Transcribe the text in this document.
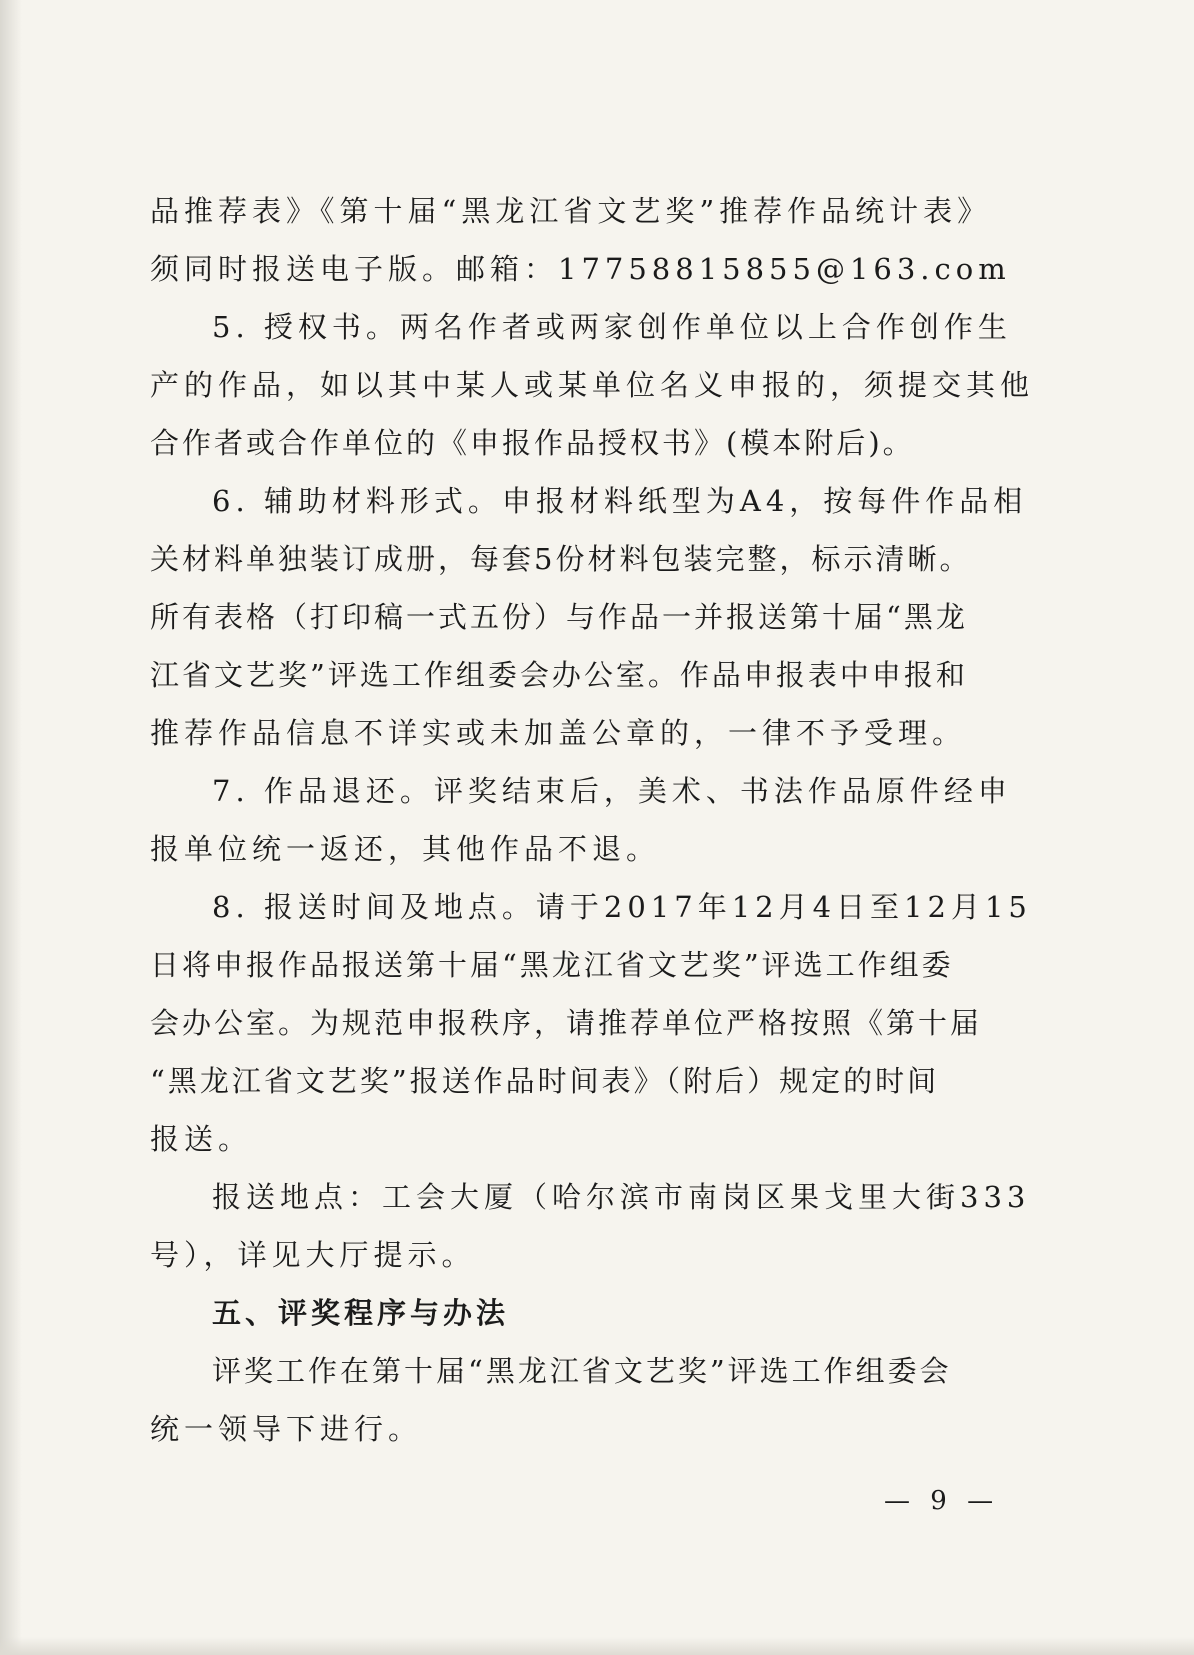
品推荐表》《第十届“黑龙江省文艺奖”推荐作品统计表》
须同时报送电子版。邮箱：17758815855@163.com
5. 授权书。两名作者或两家创作单位以上合作创作生
产的作品，如以其中某人或某单位名义申报的，须提交其他
合作者或合作单位的《申报作品授权书》(模本附后)。
6. 辅助材料形式。申报材料纸型为A4，按每件作品相
关材料单独装订成册，每套5份材料包装完整，标示清晰。
所有表格（打印稿一式五份）与作品一并报送第十届“黑龙
江省文艺奖”评选工作组委会办公室。作品申报表中申报和
推荐作品信息不详实或未加盖公章的，一律不予受理。
7. 作品退还。评奖结束后，美术、书法作品原件经申
报单位统一返还，其他作品不退。
8. 报送时间及地点。请于2017年12月4日至12月15
日将申报作品报送第十届“黑龙江省文艺奖”评选工作组委
会办公室。为规范申报秩序，请推荐单位严格按照《第十届
“黑龙江省文艺奖”报送作品时间表》（附后）规定的时间
报送。
报送地点：工会大厦（哈尔滨市南岗区果戈里大街333
号），详见大厅提示。
五、评奖程序与办法
评奖工作在第十届“黑龙江省文艺奖”评选工作组委会
统一领导下进行。
— 9 —
